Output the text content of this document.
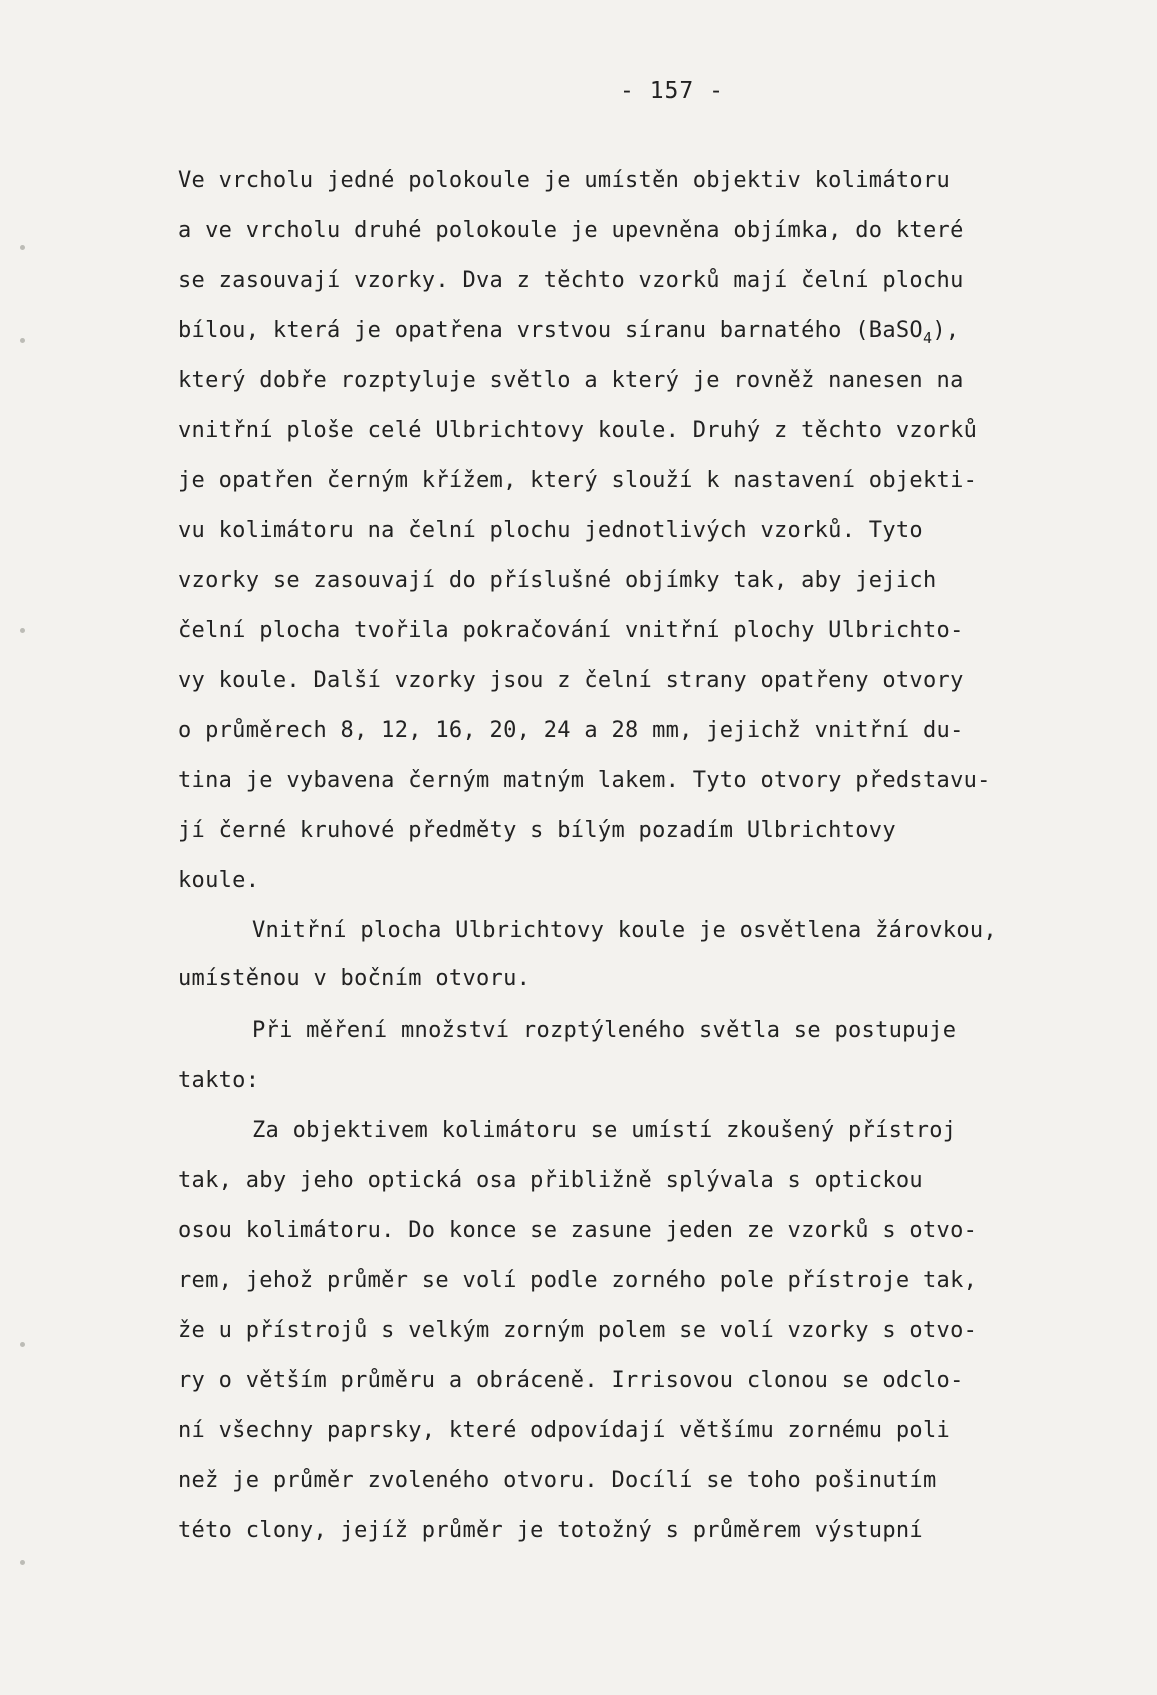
- 157 -
Ve vrcholu jedné polokoule je umístěn objektiv kolimátoru
a ve vrcholu druhé polokoule je upevněna objímka, do které
se zasouvají vzorky. Dva z těchto vzorků mají čelní plochu
bílou, která je opatřena vrstvou síranu barnatého (BaSO$_4$),
který dobře rozptyluje světlo a který je rovněž nanesen na
vnitřní ploše celé Ulbrichtovy koule. Druhý z těchto vzorků
je opatřen černým křížem, který slouží k nastavení objekti-
vu kolimátoru na čelní plochu jednotlivých vzorků. Tyto
vzorky se zasouvají do příslušné objímky tak, aby jejich
čelní plocha tvořila pokračování vnitřní plochy Ulbrichto-
vy koule. Další vzorky jsou z čelní strany opatřeny otvory
o průměrech 8, 12, 16, 20, 24 a 28 mm, jejichž vnitřní du-
tina je vybavena černým matným lakem. Tyto otvory představu-
jí černé kruhové předměty s bílým pozadím Ulbrichtovy
koule.
Vnitřní plocha Ulbrichtovy koule je osvětlena žárovkou,
umístěnou v bočním otvoru.
Při měření množství rozptýleného světla se postupuje
takto:
Za objektivem kolimátoru se umístí zkoušený přístroj
tak, aby jeho optická osa přibližně splývala s optickou
osou kolimátoru. Do konce se zasune jeden ze vzorků s otvo-
rem, jehož průměr se volí podle zorného pole přístroje tak,
že u přístrojů s velkým zorným polem se volí vzorky s otvo-
ry o větším průměru a obráceně. Irrisovou clonou se odclo-
ní všechny paprsky, které odpovídají většímu zornému poli
než je průměr zvoleného otvoru. Docílí se toho pošinutím
této clony, jejíž průměr je totožný s průměrem výstupní
